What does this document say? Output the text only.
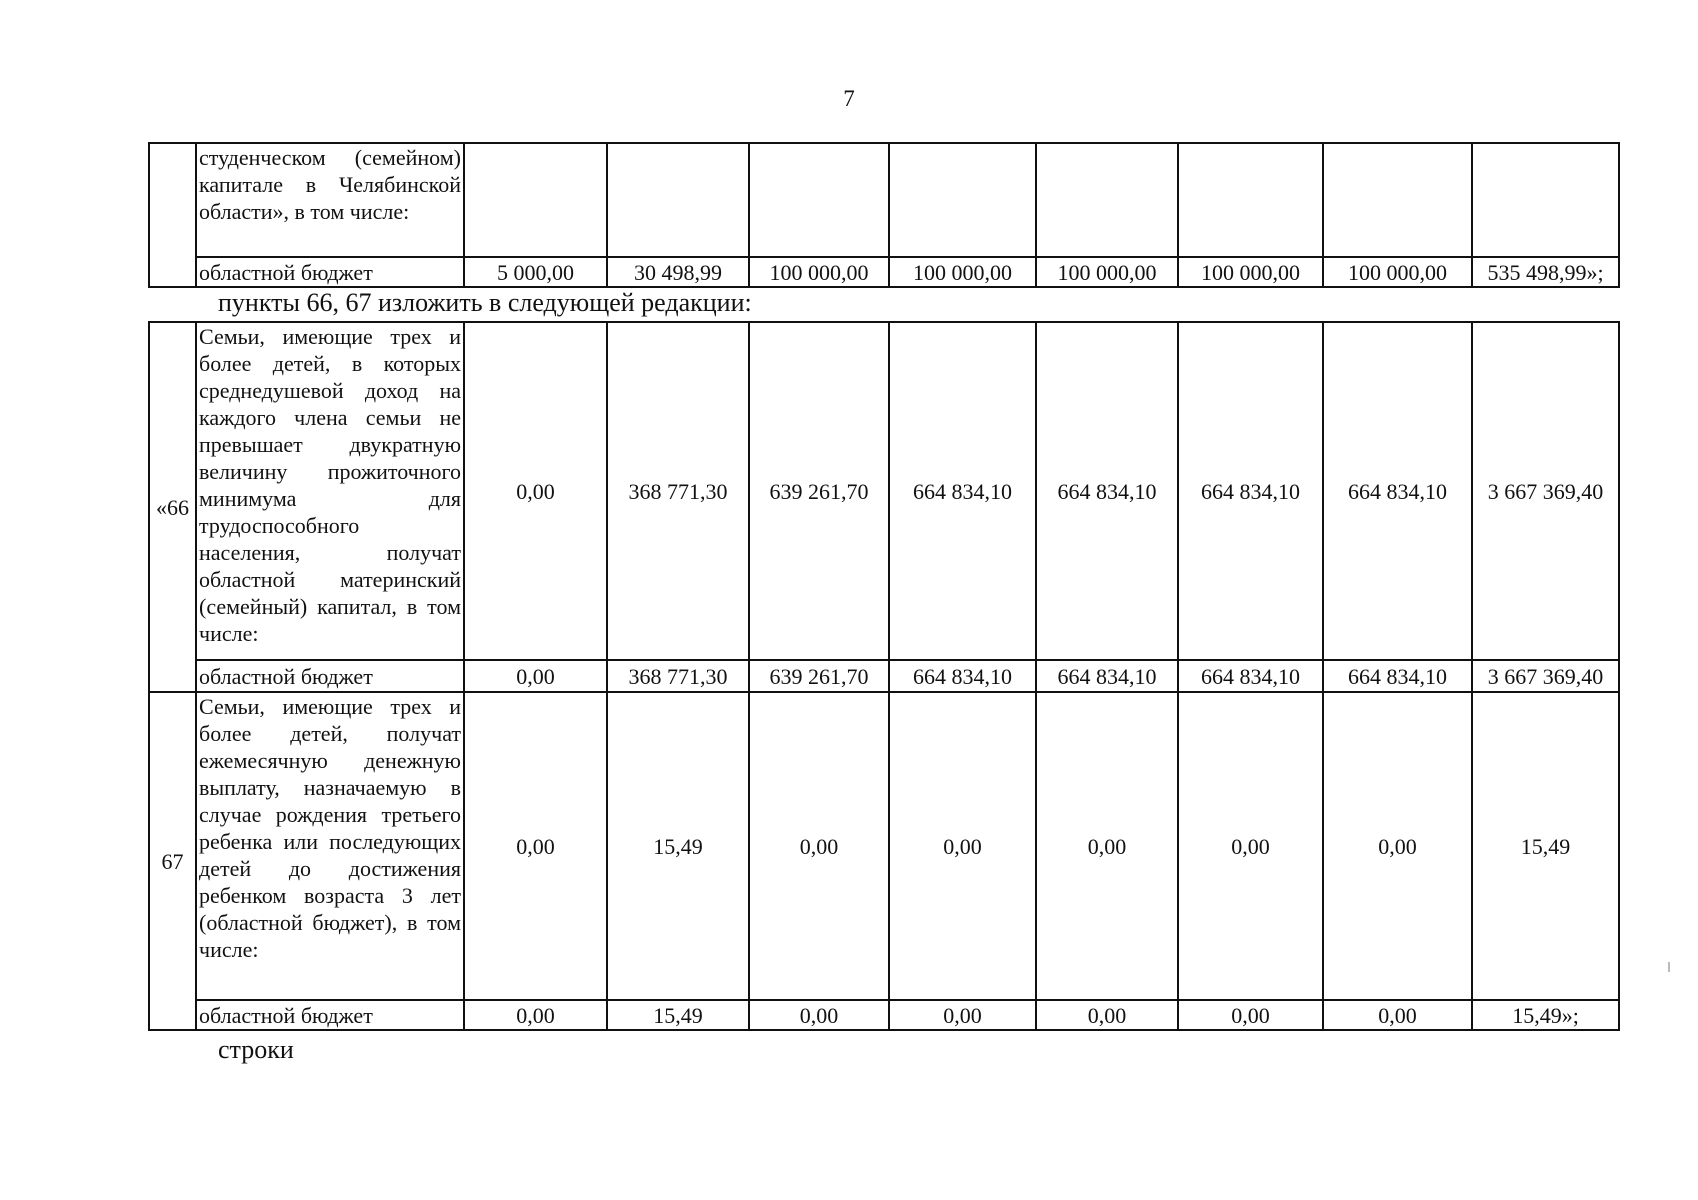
7
	студенческом (семейном) капитале в Челябинской области», в том числе:								
	областной бюджет	5 000,00	30 498,99	100 000,00	100 000,00	100 000,00	100 000,00	100 000,00	535 498,99»;
пункты 66, 67 изложить в следующей редакции:
«66	Семьи, имеющие трех и более детей, в которых среднедушевой доход на каждого члена семьи не превышает двукратную величину прожиточного минимума для трудоспособного населения, получат областной материнский (семейный) капитал, в том числе:	0,00	368 771,30	639 261,70	664 834,10	664 834,10	664 834,10	664 834,10	3 667 369,40
	областной бюджет	0,00	368 771,30	639 261,70	664 834,10	664 834,10	664 834,10	664 834,10	3 667 369,40
67	Семьи, имеющие трех и более детей, получат ежемесячную денежную выплату, назначаемую в случае рождения третьего ребенка или последующих детей до достижения ребенком возраста 3 лет (областной бюджет), в том числе:	0,00	15,49	0,00	0,00	0,00	0,00	0,00	15,49
	областной бюджет	0,00	15,49	0,00	0,00	0,00	0,00	0,00	15,49»;
строки
